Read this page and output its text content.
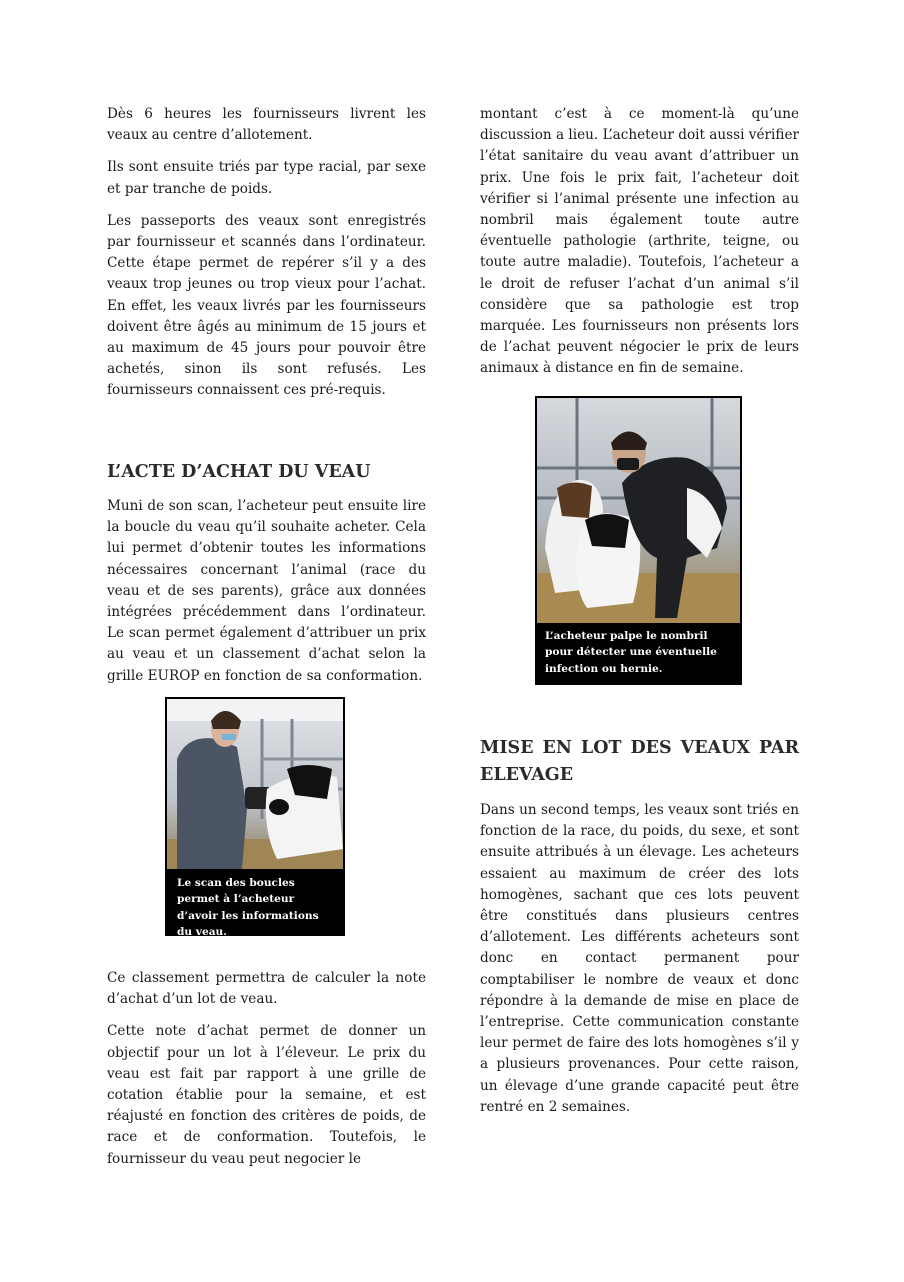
Dès 6 heures les fournisseurs livrent les veaux au centre d’allotement.

Ils sont ensuite triés par type racial, par sexe et par tranche de poids.

Les passeports des veaux sont enregistrés par fournisseur et scannés dans l’ordinateur. Cette étape permet de repérer s’il y a des veaux trop jeunes ou trop vieux pour l’achat. En effet, les veaux livrés par les fournisseurs doivent être âgés au minimum de 15 jours et au maximum de 45 jours pour pouvoir être achetés, sinon ils sont refusés. Les fournisseurs connaissent ces pré-requis.

L’ACTE D’ACHAT DU VEAU

Muni de son scan, l’acheteur peut ensuite lire la boucle du veau qu’il souhaite acheter. Cela lui permet d’obtenir toutes les informations nécessaires concernant l’animal (race du veau et de ses parents), grâce aux données intégrées précédemment dans l’ordinateur. Le scan permet également d’attribuer un prix au veau et un classement d’achat selon la grille EUROP en fonction de sa conformation.

Le scan des boucles permet à l’acheteur d’avoir les informations du veau.

Ce classement permettra de calculer la note d’achat d’un lot de veau.

Cette note d’achat permet de donner un objectif pour un lot à l’éleveur. Le prix du veau est fait par rapport à une grille de cotation établie pour la semaine, et est réajusté en fonction des critères de poids, de race et de conformation. Toutefois, le fournisseur du veau peut negocier le

montant c’est à ce moment-là qu’une discussion a lieu. L’acheteur doit aussi vérifier l’état sanitaire du veau avant d’attribuer un prix. Une fois le prix fait, l’acheteur doit vérifier si l’animal présente une infection au nombril mais également toute autre éventuelle pathologie (arthrite, teigne, ou toute autre maladie). Toutefois, l’acheteur a le droit de refuser l’achat d’un animal s’il considère que sa pathologie est trop marquée. Les fournisseurs non présents lors de l’achat peuvent négocier le prix de leurs animaux à distance en fin de semaine.

L’acheteur palpe le nombril pour détecter une éventuelle infection ou hernie.
MISE EN LOT DES VEAUX PAR ELEVAGE

Dans un second temps, les veaux sont triés en fonction de la race, du poids, du sexe, et sont ensuite attribués à un élevage. Les acheteurs essaient au maximum de créer des lots homogènes, sachant que ces lots peuvent être constitués dans plusieurs centres d’allotement. Les différents acheteurs sont donc en contact permanent pour comptabiliser le nombre de veaux et donc répondre à la demande de mise en place de l’entreprise. Cette communication constante leur permet de faire des lots homogènes s’il y a plusieurs provenances. Pour cette raison, un élevage d’une grande capacité peut être rentré en 2 semaines.
